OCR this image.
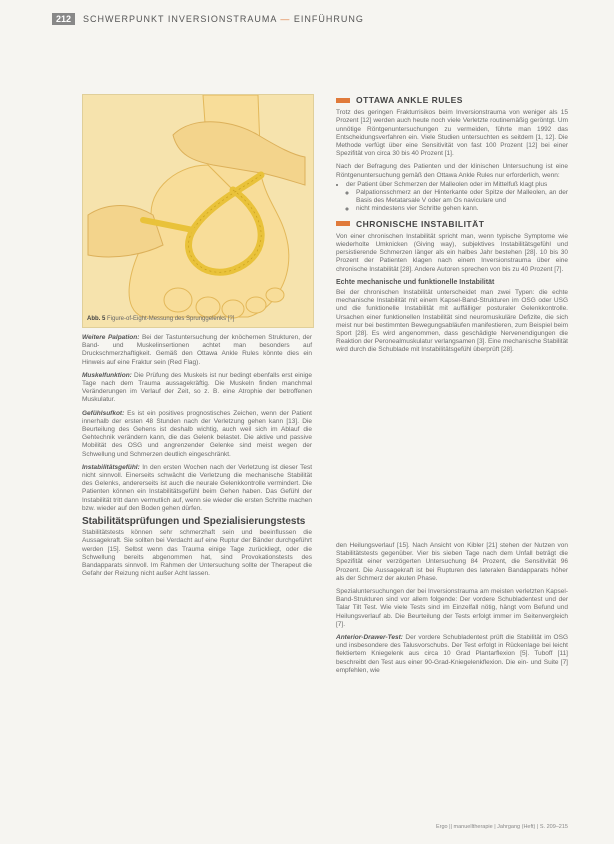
212	SCHWERPUNKT INVERSIONSTRAUMA — EINFÜHRUNG
Abb. 5 Figure-of-Eight-Messung des Sprunggelenks [?]

Weitere Palpation: Bei der Tastuntersuchung der knöchernen Strukturen, der Band- und Muskelinsertionen achtet man besonders auf Druckschmerzhaftigkeit. Gemäß den Ottawa Ankle Rules könnte dies ein Hinweis auf eine Fraktur sein (Red Flag).

Muskelfunktion: Die Prüfung des Muskels ist nur bedingt ebenfalls erst einige Tage nach dem Trauma aussagekräftig. Die Muskeln finden manchmal Veränderungen im Verlauf der Zeit, so z. B. eine Atrophie der betroffenen Muskulatur.

Gefühlsufkot: Es ist ein positives prognostisches Zeichen, wenn der Patient innerhalb der ersten 48 Stunden nach der Verletzung gehen kann [13]. Die Beurteilung des Gehens ist deshalb wichtig, auch weil sich im Ablauf die Gehtechnik verändern kann, die das Gelenk belastet. Die aktive und passive Mobilität des OSG und angrenzender Gelenke sind meist wegen der Schwellung und Schmerzen deutlich eingeschränkt.

Instabilitätsgefühl: In den ersten Wochen nach der Verletzung ist dieser Test nicht sinnvoll. Einerseits schwächt die Verletzung die mechanische Stabilität des Gelenks, andererseits ist auch die neurale Gelenkkontrolle vermindert. Die Patienten können ein Instabilitätsgefühl beim Gehen haben. Das Gefühl der Instabilität tritt dann vermutlich auf, wenn sie wieder die ersten Schritte machen bzw. wieder auf den Boden gehen dürfen.

Stabilitätsprüfungen und Spezialisierungstests

Stabilitätstests können sehr schmerzhaft sein und beeinflussen die Aussagekraft. Sie sollten bei Verdacht auf eine Ruptur der Bänder durchgeführt werden [15]. Selbst wenn das Trauma einige Tage zurückliegt, oder die Schwellung bereits abgenommen hat, sind Provokationstests des Bandapparats sinnvoll. Im Rahmen der Untersuchung sollte der Therapeut die Gefahr der Reizung nicht außer Acht lassen.

OTTAWA ANKLE RULES

Trotz des geringen Frakturrisikos beim Inversionstrauma von weniger als 15 Prozent [12] werden auch heute noch viele Verletzte routinemäßig geröntgt. Um unnötige Röntgenuntersuchungen zu vermeiden, führte man 1992 das Entscheidungsverfahren ein. Viele Studien untersuchten es seitdem [1, 12]. Die Methode verfügt über eine Sensitivität von fast 100 Prozent [12] bei einer Spezifität von circa 30 bis 40 Prozent [1].

Nach der Befragung des Patienten und der klinischen Untersuchung ist eine Röntgenuntersuchung gemäß den Ottawa Ankle Rules nur erforderlich, wenn:

• der Patient über Schmerzen der Malleolen oder im Mittelfuß klagt plus
◦ Palpationsschmerz an der Hinterkante oder Spitze der Malleolen, an der Basis des Metatarsale V oder am Os naviculare und
◦ nicht mindestens vier Schritte gehen kann.
CHRONISCHE INSTABILITÄT

Von einer chronischen Instabilität spricht man, wenn typische Symptome wie wiederholte Umknicken (Giving way), subjektives Instabilitätsgefühl und persistierende Schmerzen länger als ein halbes Jahr bestehen [28]. 10 bis 30 Prozent der Patienten klagen nach einem Inversionstrauma über eine chronische Instabilität [28]. Andere Autoren sprechen von bis zu 40 Prozent [7].

Echte mechanische und funktionelle Instabilität

Bei der chronischen Instabilität unterscheidet man zwei Typen: die echte mechanische Instabilität mit einem Kapsel-Band-Strukturen im OSG oder USG und die funktionelle Instabilität mit auffälliger posturaler Gelenkkontrolle. Ursachen einer funktionellen Instabilität sind neuromuskuläre Defizite, die sich meist nur bei bestimmten Bewegungsabläufen manifestieren, zum Beispiel beim Sport [28]. Es wird angenommen, dass geschädigte Nervenendigungen die Reaktion der Peronealmuskulatur verlangsamen [3]. Eine mechanische Stabilität wird durch die Schublade mit Instabilitätsgefühl überprüft [28].

den Heilungsverlauf [15]. Nach Ansicht von Kibler [21] stehen der Nutzen von Stabilitätstests gegenüber. Vier bis sieben Tage nach dem Unfall beträgt die Spezifität einer verzögerten Untersuchung 84 Prozent, die Sensitivität 96 Prozent. Die Aussagekraft ist bei Rupturen des lateralen Bandapparats höher als der Schmerz der akuten Phase.

Spezialuntersuchungen der bei Inversionstrauma am meisten verletzten Kapsel-Band-Strukturen sind vor allem folgende: Der vordere Schubladentest und der Talar Tilt Test. Wie viele Tests sind im Einzelfall nötig, hängt vom Befund und Heilungsverlauf ab. Die Beurteilung der Tests erfolgt immer im Seitenvergleich [7].

Anterior-Drawer-Test: Der vordere Schubladentest prüft die Stabilität im OSG und insbesondere des Talusvorschubs. Der Test erfolgt in Rückenlage bei leicht flektiertem Kniegelenk aus circa 10 Grad Plantarflexion [5]. Tuboff [11] beschreibt den Test aus einer 90-Grad-Kniegelenkflexion. Die ein- und Suite [7] empfehlen, wie

Ergo || manuelltherapie | Jahrgang (Heft) | S. 209–215
